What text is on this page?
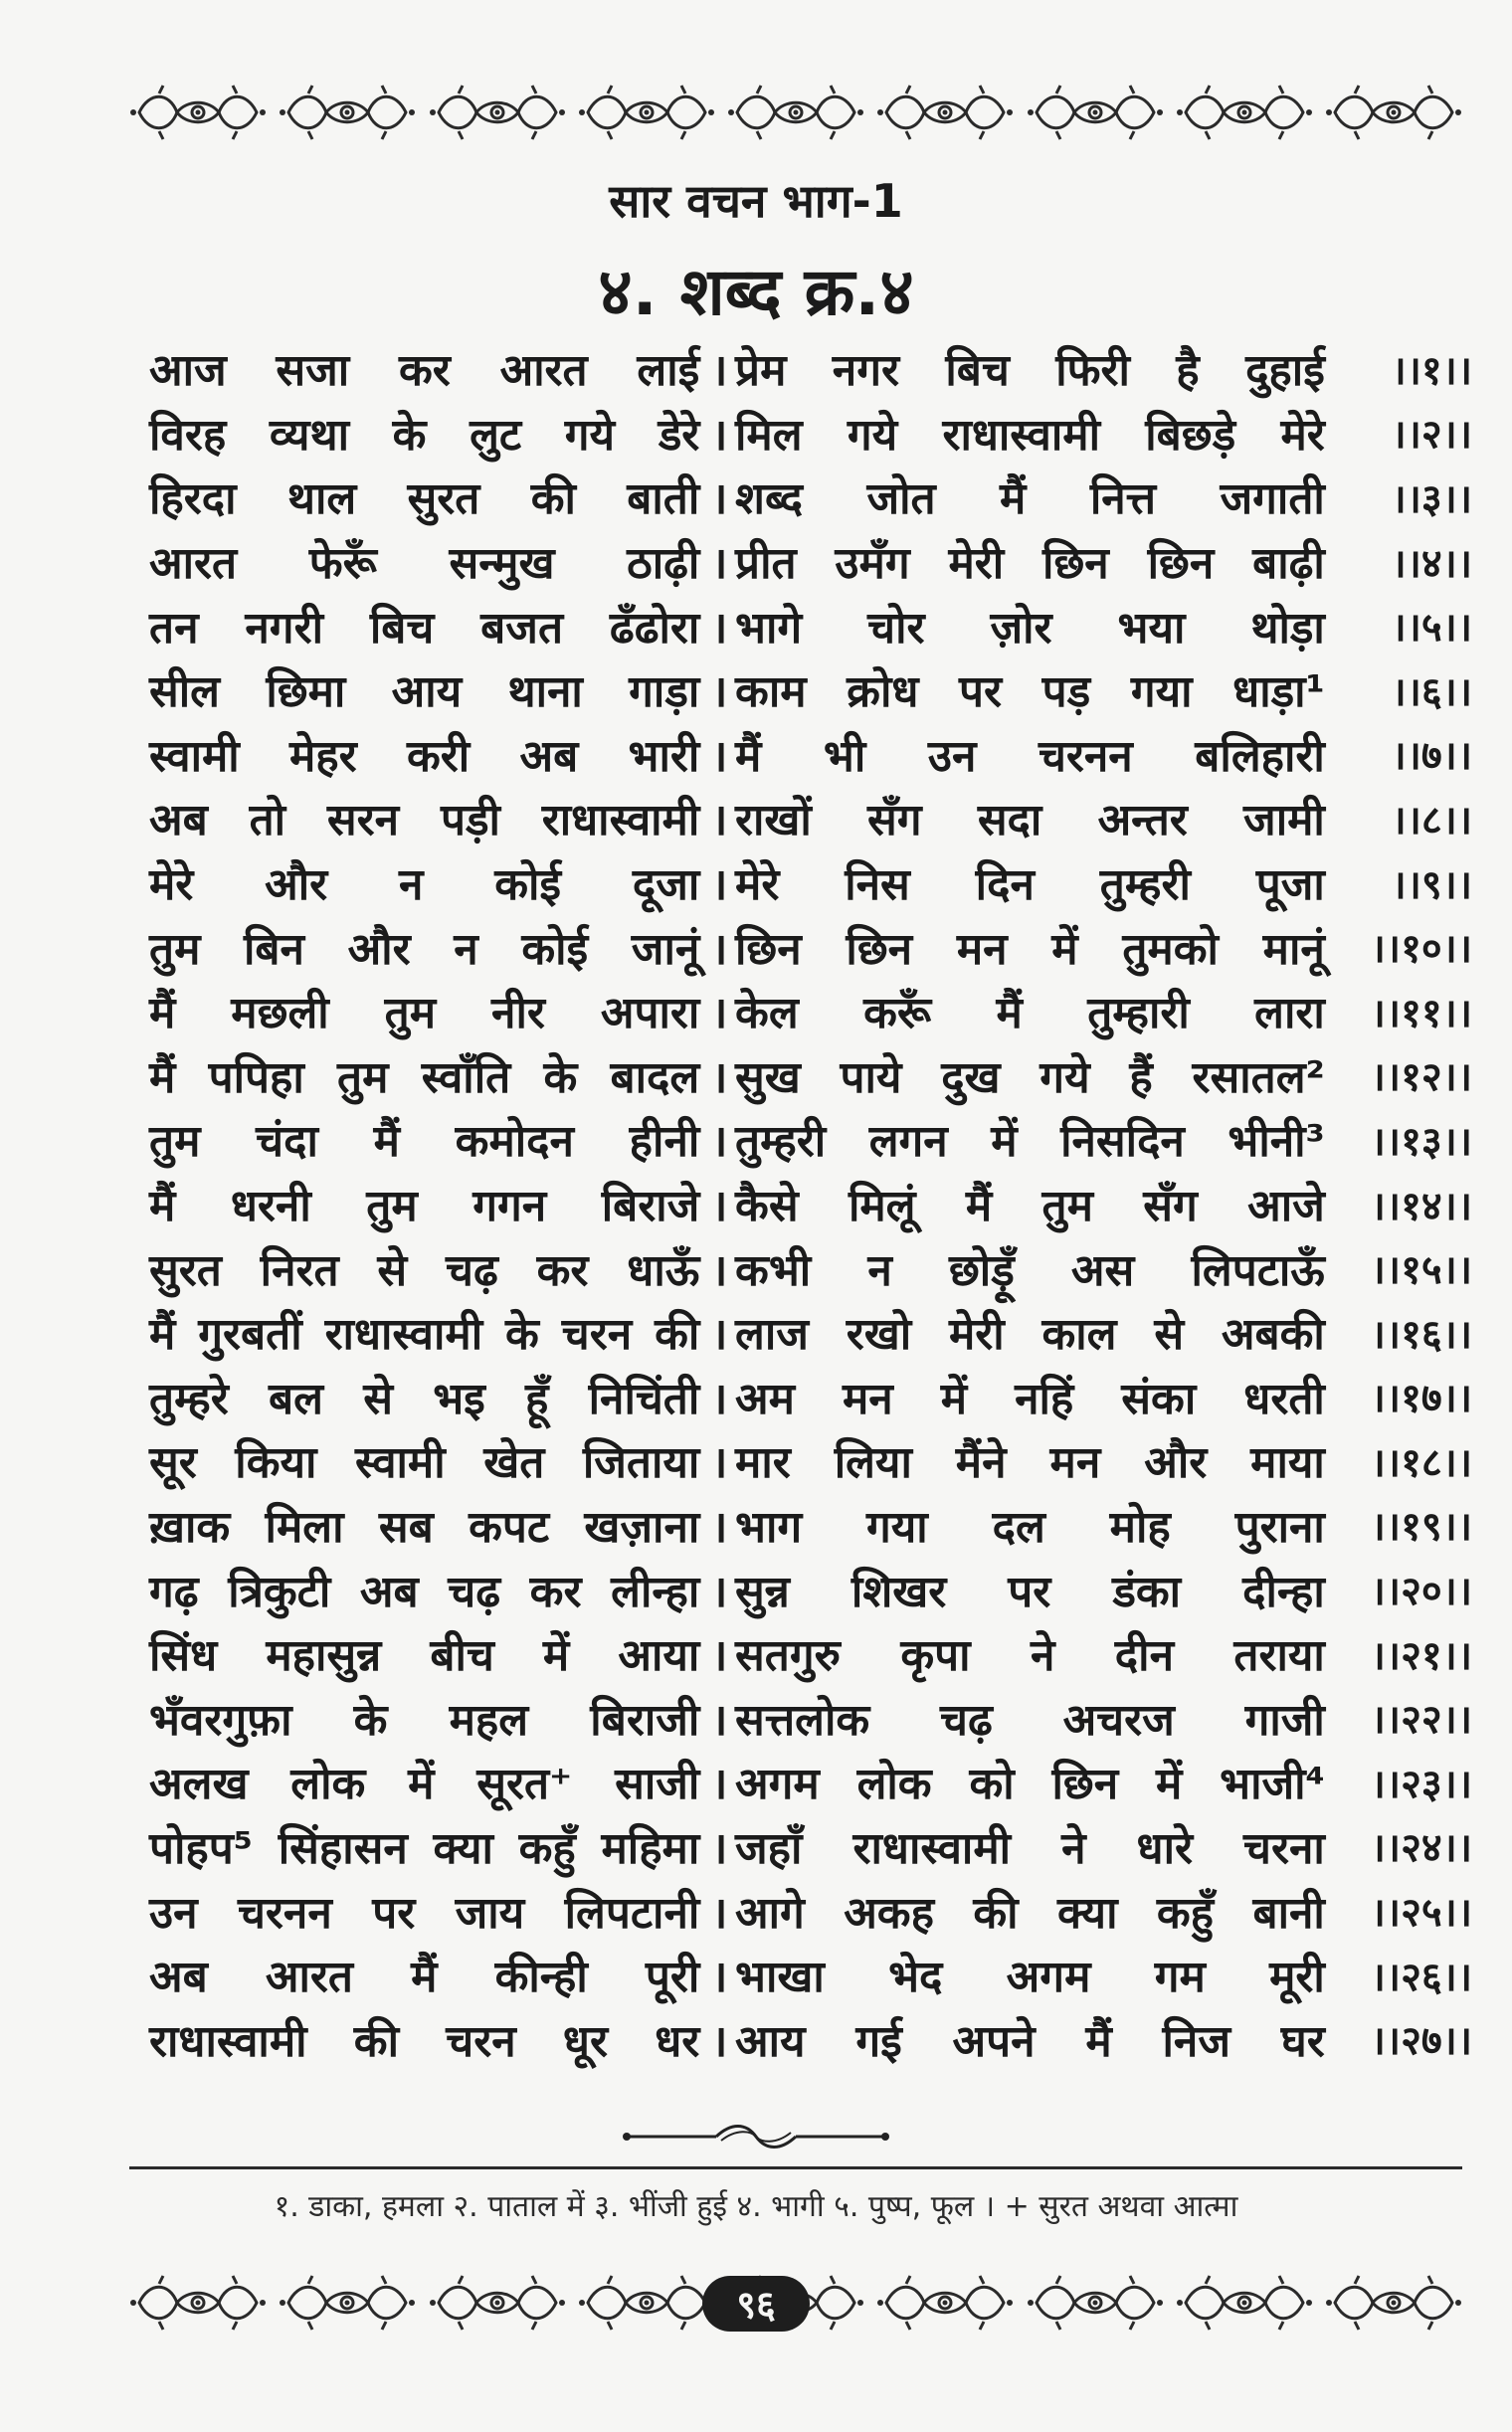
सार वचन भाग-1
४. शब्द क्र.४
आज सजा कर आरत लाई । प्रेम नगर बिच फिरी है दुहाई	।।१।।
विरह व्यथा के लुट गये डेरे । मिल गये राधास्वामी बिछड़े मेरे	।।२।।
हिरदा थाल सुरत की बाती । शब्द जोत मैं नित्त जगाती	।।३।।
आरत फेरूँ सन्मुख ठाढ़ी । प्रीत उमँग मेरी छिन छिन बाढ़ी	।।४।।
तन नगरी बिच बजत ढँढोरा । भागे चोर ज़ोर भया थोड़ा	।।५।।
सील छिमा आय थाना गाड़ा । काम क्रोध पर पड़ गया धाड़ा¹	।।६।।
स्वामी मेहर करी अब भारी । मैं भी उन चरनन बलिहारी	।।७।।
अब तो सरन पड़ी राधास्वामी । राखों सँग सदा अन्तर जामी	।।८।।
मेरे और न कोई दूजा । मेरे निस दिन तुम्हरी पूजा	।।९।।
तुम बिन और न कोई जानूं । छिन छिन मन में तुमको मानूं	।।१०।।
मैं मछली तुम नीर अपारा । केल करूँ मैं तुम्हारी लारा	।।११।।
मैं पपिहा तुम स्वाँति के बादल । सुख पाये दुख गये हैं रसातल²	।।१२।।
तुम चंदा मैं कमोदन हीनी । तुम्हरी लगन में निसदिन भीनी³	।।१३।।
मैं धरनी तुम गगन बिराजे । कैसे मिलूं मैं तुम सँग आजे	।।१४।।
सुरत निरत से चढ़ कर धाऊँ । कभी न छोड़ूँ अस लिपटाऊँ	।।१५।।
मैं गुरबतीं राधास्वामी के चरन की । लाज रखो मेरी काल से अबकी	।।१६।।
तुम्हरे बल से भइ हूँ निचिंती । अम मन में नहिं संका धरती	।।१७।।
सूर किया स्वामी खेत जिताया । मार लिया मैंने मन और माया	।।१८।।
ख़ाक मिला सब कपट खज़ाना । भाग गया दल मोह पुराना	।।१९।।
गढ़ त्रिकुटी अब चढ़ कर लीन्हा । सुन्न शिखर पर डंका दीन्हा	।।२०।।
सिंध महासुन्न बीच में आया । सतगुरु कृपा ने दीन तराया	।।२१।।
भँवरगुफ़ा के महल बिराजी । सत्तलोक चढ़ अचरज गाजी	।।२२।।
अलख लोक में सूरत⁺ साजी । अगम लोक को छिन में भाजी⁴	।।२३।।
पोहप⁵ सिंहासन क्या कहुँ महिमा । जहाँ राधास्वामी ने धारे चरना	।।२४।।
उन चरनन पर जाय लिपटानी । आगे अकह की क्या कहुँ बानी	।।२५।।
अब आरत मैं कीन्ही पूरी । भाखा भेद अगम गम मूरी	।।२६।।
राधास्वामी की चरन धूर धर । आय गई अपने मैं निज घर	।।२७।।
१. डाका, हमला २. पाताल में ३. भींजी हुई ४. भागी ५. पुष्प, फूल । + सुरत अथवा आत्मा
९६
